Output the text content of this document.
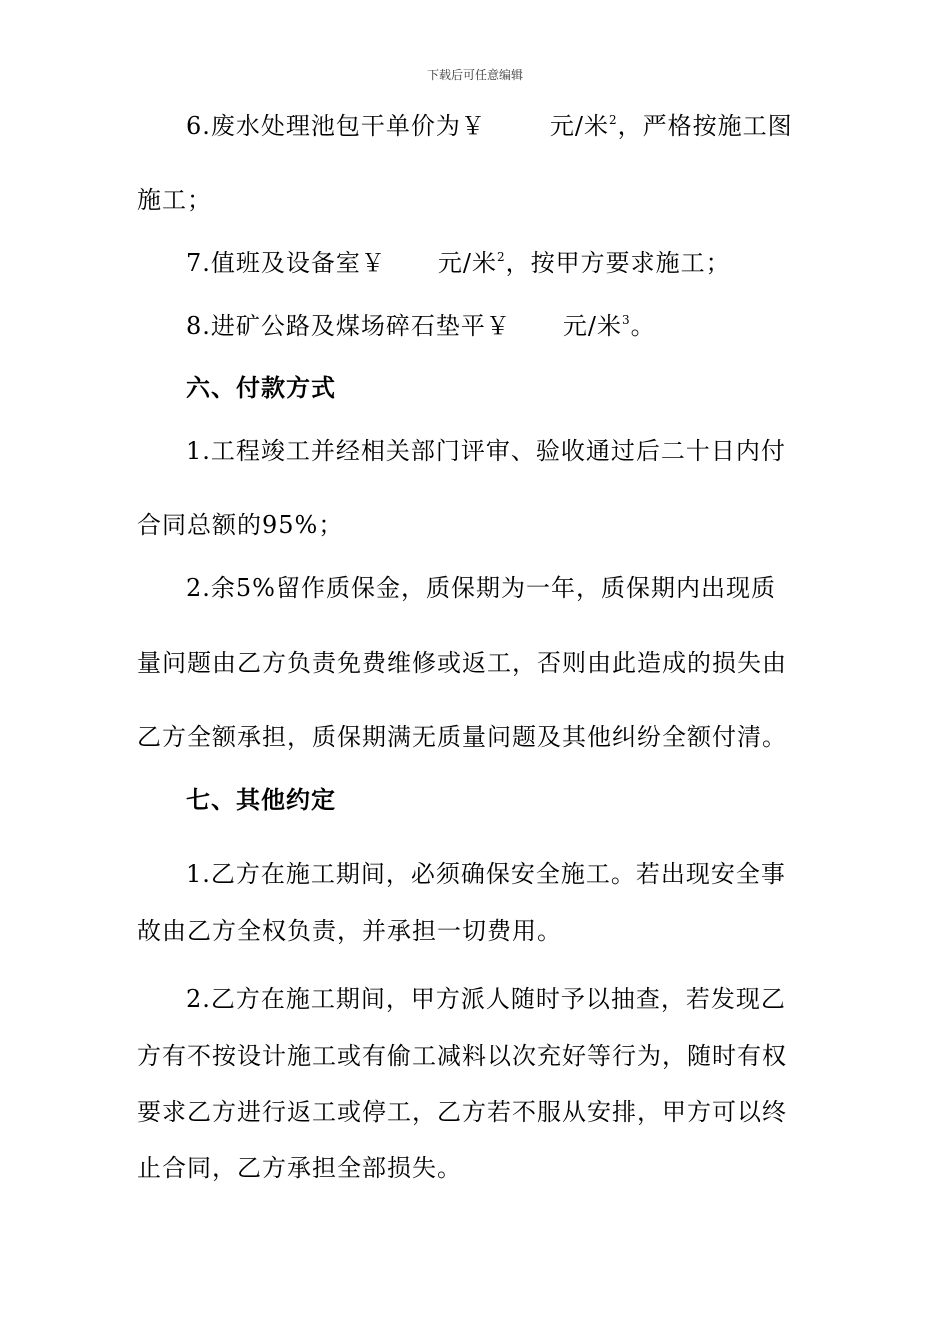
下载后可任意编辑
6.废水处理池包干单价为￥	元/米$^2$，严格按施工图
施工；
7.值班及设备室￥ 元/米$^2$，按甲方要求施工；
8.进矿公路及煤场碎石垫平￥ 元/米$^3$。
六、付款方式
1.工程竣工并经相关部门评审、验收通过后二十日内付
合同总额的95%；
2.余5%留作质保金，质保期为一年，质保期内出现质
量问题由乙方负责免费维修或返工，否则由此造成的损失由
乙方全额承担，质保期满无质量问题及其他纠纷全额付清。
七、其他约定
1.乙方在施工期间，必须确保安全施工。若出现安全事
故由乙方全权负责，并承担一切费用。
2.乙方在施工期间，甲方派人随时予以抽查，若发现乙
方有不按设计施工或有偷工减料以次充好等行为，随时有权
要求乙方进行返工或停工，乙方若不服从安排，甲方可以终
止合同，乙方承担全部损失。
